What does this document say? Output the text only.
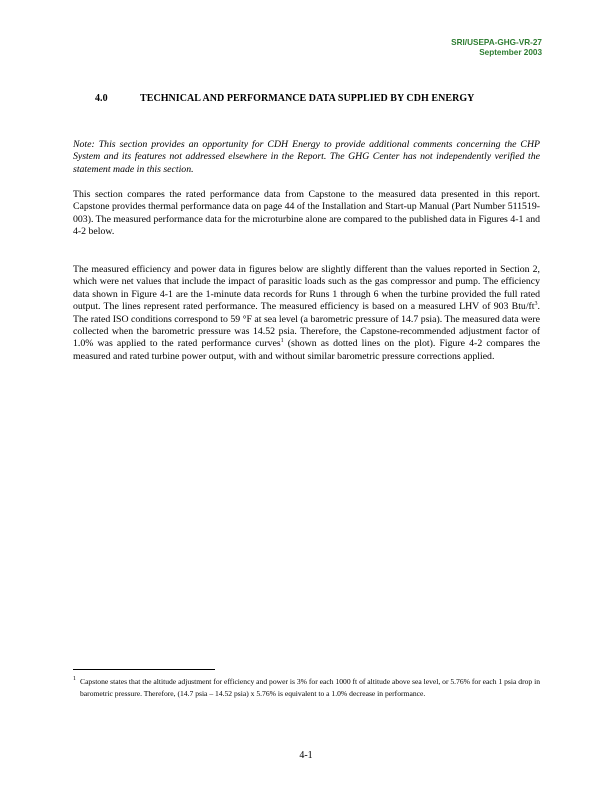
SRI/USEPA-GHG-VR-27
September 2003
4.0	TECHNICAL AND PERFORMANCE DATA SUPPLIED BY CDH ENERGY

Note: This section provides an opportunity for CDH Energy to provide additional comments concerning the CHP System and its features not addressed elsewhere in the Report. The GHG Center has not independently verified the statement made in this section.

This section compares the rated performance data from Capstone to the measured data presented in this report. Capstone provides thermal performance data on page 44 of the Installation and Start-up Manual (Part Number 511519-003). The measured performance data for the microturbine alone are compared to the published data in Figures 4-1 and 4-2 below.

The measured efficiency and power data in figures below are slightly different than the values reported in Section 2, which were net values that include the impact of parasitic loads such as the gas compressor and pump. The efficiency data shown in Figure 4-1 are the 1-minute data records for Runs 1 through 6 when the turbine provided the full rated output. The lines represent rated performance. The measured efficiency is based on a measured LHV of 903 Btu/$ft^3$. The rated ISO conditions correspond to 59 °F at sea level (a barometric pressure of 14.7 psia). The measured data were collected when the barometric pressure was 14.52 psia. Therefore, the Capstone-recommended adjustment factor of 1.0% was applied to the rated performance curves$^1$ (shown as dotted lines on the plot). Figure 4-2 compares the measured and rated turbine power output, with and without similar barometric pressure corrections applied.

1 Capstone states that the altitude adjustment for efficiency and power is 3% for each 1000 ft of altitude above sea level, or 5.76% for each 1 psia drop in barometric pressure. Therefore, (14.7 psia – 14.52 psia) x 5.76% is equivalent to a 1.0% decrease in performance.
4-1
